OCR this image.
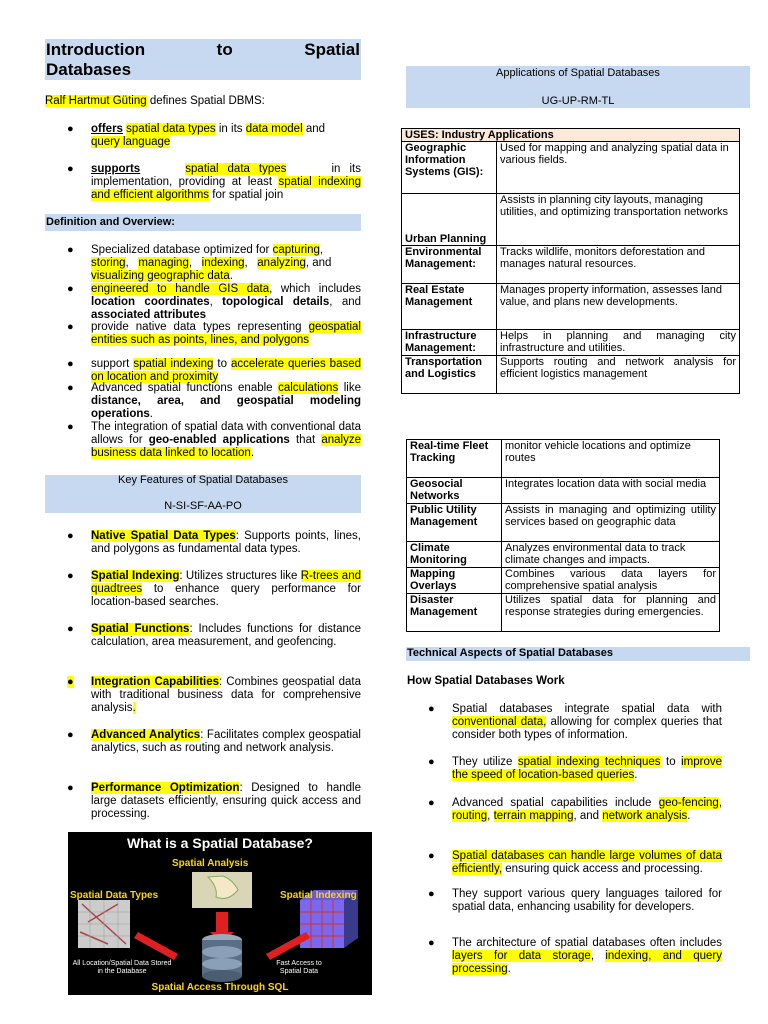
Introduction	to	Spatial
Databases
Ralf Hartmut Güting defines Spatial DBMS:
● offers spatial data types in its data model and
query language
● supports	spatial data types	in its implementation, providing at least spatial indexing and efficient algorithms for spatial join
Definition and Overview:
● Specialized database optimized for capturing,
storing, managing, indexing, analyzing, and
visualizing geographic data.
● engineered to handle GIS data, which includes location coordinates, topological details, and associated attributes
● provide native data types representing geospatial entities such as points, lines, and polygons
● support spatial indexing to accelerate queries based on location and proximity
● Advanced spatial functions enable calculations like distance, area, and geospatial modeling operations.
● The integration of spatial data with conventional data allows for geo-enabled applications that analyze business data linked to location.
Key Features of Spatial Databases
N-SI-SF-AA-PO
● Native Spatial Data Types: Supports points, lines, and polygons as fundamental data types.
● Spatial Indexing: Utilizes structures like R-trees and quadtrees to enhance query performance for location-based searches.
● Spatial Functions: Includes functions for distance calculation, area measurement, and geofencing.
● Integration Capabilities: Combines geospatial data with traditional business data for comprehensive analysis.
● Advanced Analytics: Facilitates complex geospatial analytics, such as routing and network analysis.
● Performance Optimization: Designed to handle large datasets efficiently, ensuring quick access and processing.
What is a Spatial Database?
Spatial Analysis
Spatial Data Types	Spatial Indexing
All Location/Spatial Data Stored in the Database
Fast Access to Spatial Data
Spatial Access Through SQL
Applications of Spatial Databases
UG-UP-RM-TL
USES: Industry Applications	
Geographic Information Systems (GIS):	Used for mapping and analyzing spatial data in various fields.
Urban Planning	Assists in planning city layouts, managing utilities, and optimizing transportation networks
Environmental Management:	Tracks wildlife, monitors deforestation and manages natural resources.
Real Estate Management	Manages property information, assesses land value, and plans new developments.
Infrastructure Management:	Helps in planning and managing city infrastructure and utilities.
Transportation and Logistics	Supports routing and network analysis for efficient logistics management
Real-time Fleet Tracking	monitor vehicle locations and optimize routes
Geosocial Networks	Integrates location data with social media
Public Utility Management	Assists in managing and optimizing utility services based on geographic data
Climate Monitoring	Analyzes environmental data to track climate changes and impacts.
Mapping Overlays	Combines various data layers for comprehensive spatial analysis
Disaster Management	Utilizes spatial data for planning and response strategies during emergencies.
Technical Aspects of Spatial Databases
How Spatial Databases Work
● Spatial databases integrate spatial data with conventional data, allowing for complex queries that consider both types of information.
● They utilize spatial indexing techniques to improve the speed of location-based queries.
● Advanced spatial capabilities include geo-fencing, routing, terrain mapping, and network analysis.
● Spatial databases can handle large volumes of data efficiently, ensuring quick access and processing.
● They support various query languages tailored for spatial data, enhancing usability for developers.
● The architecture of spatial databases often includes layers for data storage, indexing, and query processing.
